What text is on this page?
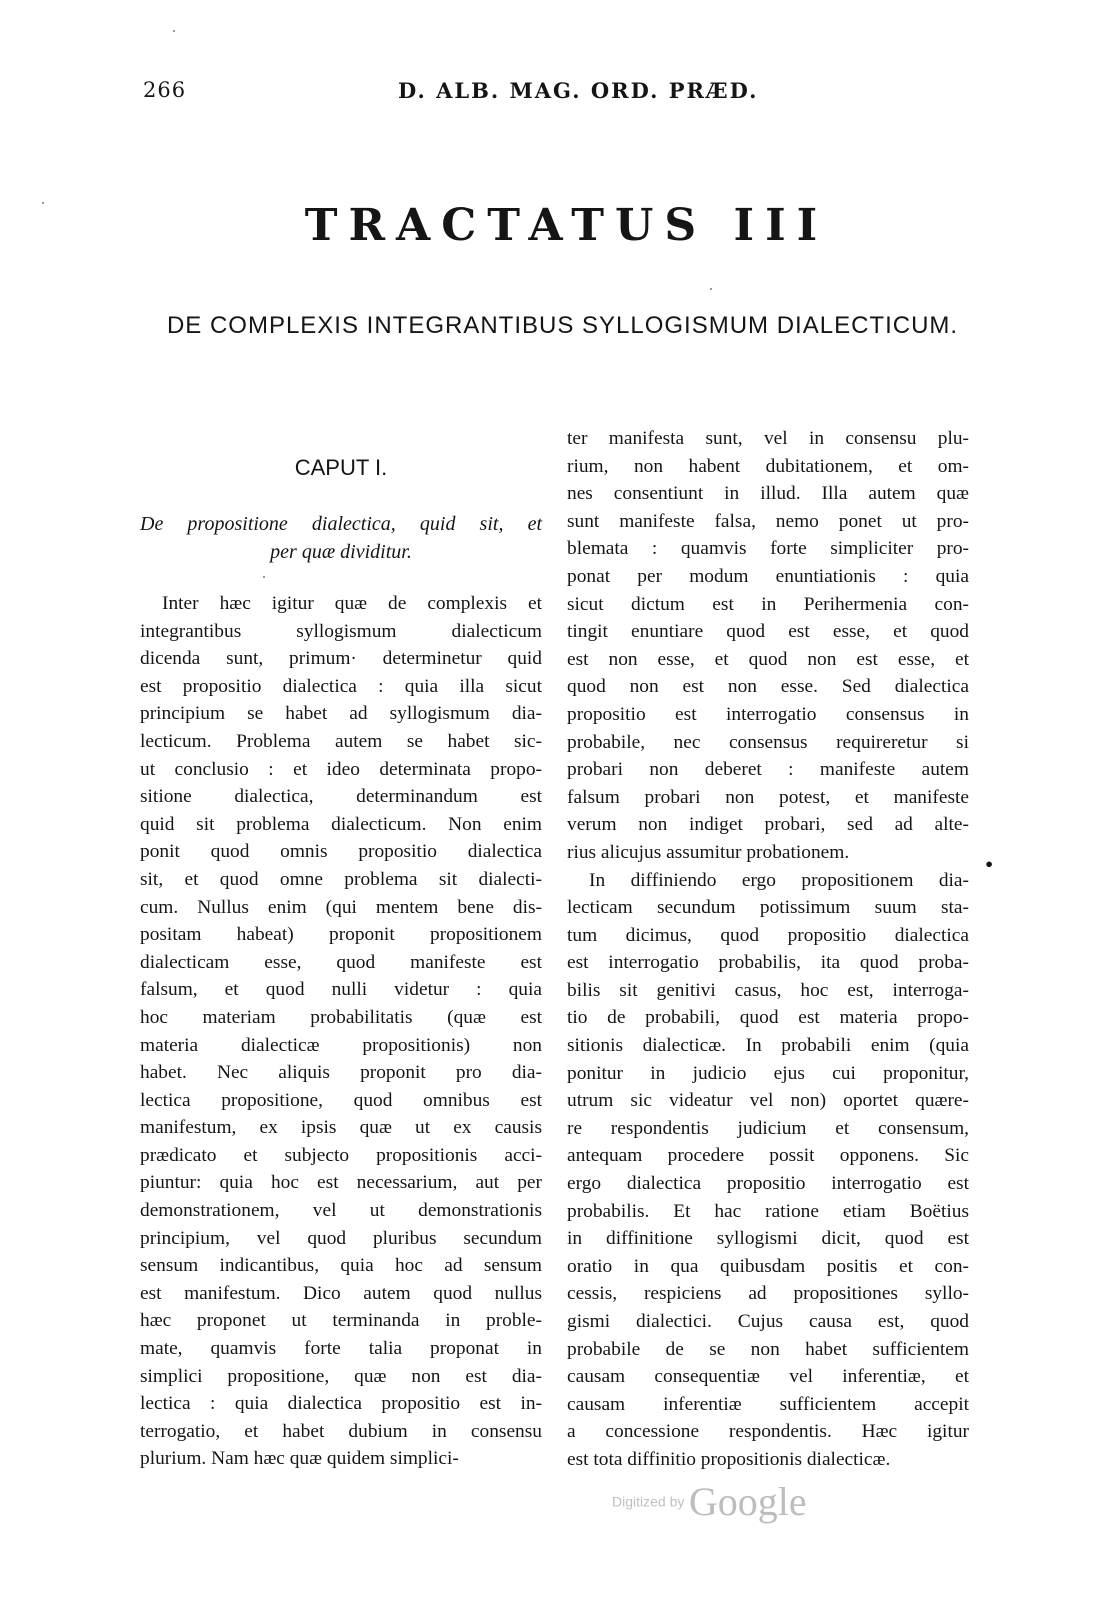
266	D. ALB. MAG. ORD. PRÆD.
TRACTATUS III
DE COMPLEXIS INTEGRANTIBUS SYLLOGISMUM DIALECTICUM.
CAPUT I.
De propositione dialectica, quid sit, et
per quæ dividitur.
Inter hæc igitur quæ de complexis et
integrantibus syllogismum dialecticum
dicenda sunt, primum· determinetur quid
est propositio dialectica : quia illa sicut
principium se habet ad syllogismum dia-
lecticum. Problema autem se habet sic-
ut conclusio : et ideo determinata propo-
sitione dialectica, determinandum est
quid sit problema dialecticum. Non enim
ponit quod omnis propositio dialectica
sit, et quod omne problema sit dialecti-
cum. Nullus enim (qui mentem bene dis-
positam habeat) proponit propositionem
dialecticam esse, quod manifeste est
falsum, et quod nulli videtur : quia
hoc materiam probabilitatis (quæ est
materia dialecticæ propositionis) non
habet. Nec aliquis proponit pro dia-
lectica propositione, quod omnibus est
manifestum, ex ipsis quæ ut ex causis
prædicato et subjecto propositionis acci-
piuntur: quia hoc est necessarium, aut per
demonstrationem, vel ut demonstrationis
principium, vel quod pluribus secundum
sensum indicantibus, quia hoc ad sensum
est manifestum. Dico autem quod nullus
hæc proponet ut terminanda in proble-
mate, quamvis forte talia proponat in
simplici propositione, quæ non est dia-
lectica : quia dialectica propositio est in-
terrogatio, et habet dubium in consensu
plurium. Nam hæc quæ quidem simplici-
ter manifesta sunt, vel in consensu plu-
rium, non habent dubitationem, et om-
nes consentiunt in illud. Illa autem quæ
sunt manifeste falsa, nemo ponet ut pro-
blemata : quamvis forte simpliciter pro-
ponat per modum enuntiationis : quia
sicut dictum est in Perihermenia con-
tingit enuntiare quod est esse, et quod
est non esse, et quod non est esse, et
quod non est non esse. Sed dialectica
propositio est interrogatio consensus in
probabile, nec consensus requireretur si
probari non deberet : manifeste autem
falsum probari non potest, et manifeste
verum non indiget probari, sed ad alte-
rius alicujus assumitur probationem.
In diffiniendo ergo propositionem dia-
lecticam secundum potissimum suum sta-
tum dicimus, quod propositio dialectica
est interrogatio probabilis, ita quod proba-
bilis sit genitivi casus, hoc est, interroga-
tio de probabili, quod est materia propo-
sitionis dialecticæ. In probabili enim (quia
ponitur in judicio ejus cui proponitur,
utrum sic videatur vel non) oportet quære-
re respondentis judicium et consensum,
antequam procedere possit opponens. Sic
ergo dialectica propositio interrogatio est
probabilis. Et hac ratione etiam Boëtius
in diffinitione syllogismi dicit, quod est
oratio in qua quibusdam positis et con-
cessis, respiciens ad propositiones syllo-
gismi dialectici. Cujus causa est, quod
probabile de se non habet sufficientem
causam consequentiæ vel inferentiæ, et
causam inferentiæ sufficientem accepit
a concessione respondentis. Hæc igitur
est tota diffinitio propositionis dialecticæ.
•
Digitized by Google
